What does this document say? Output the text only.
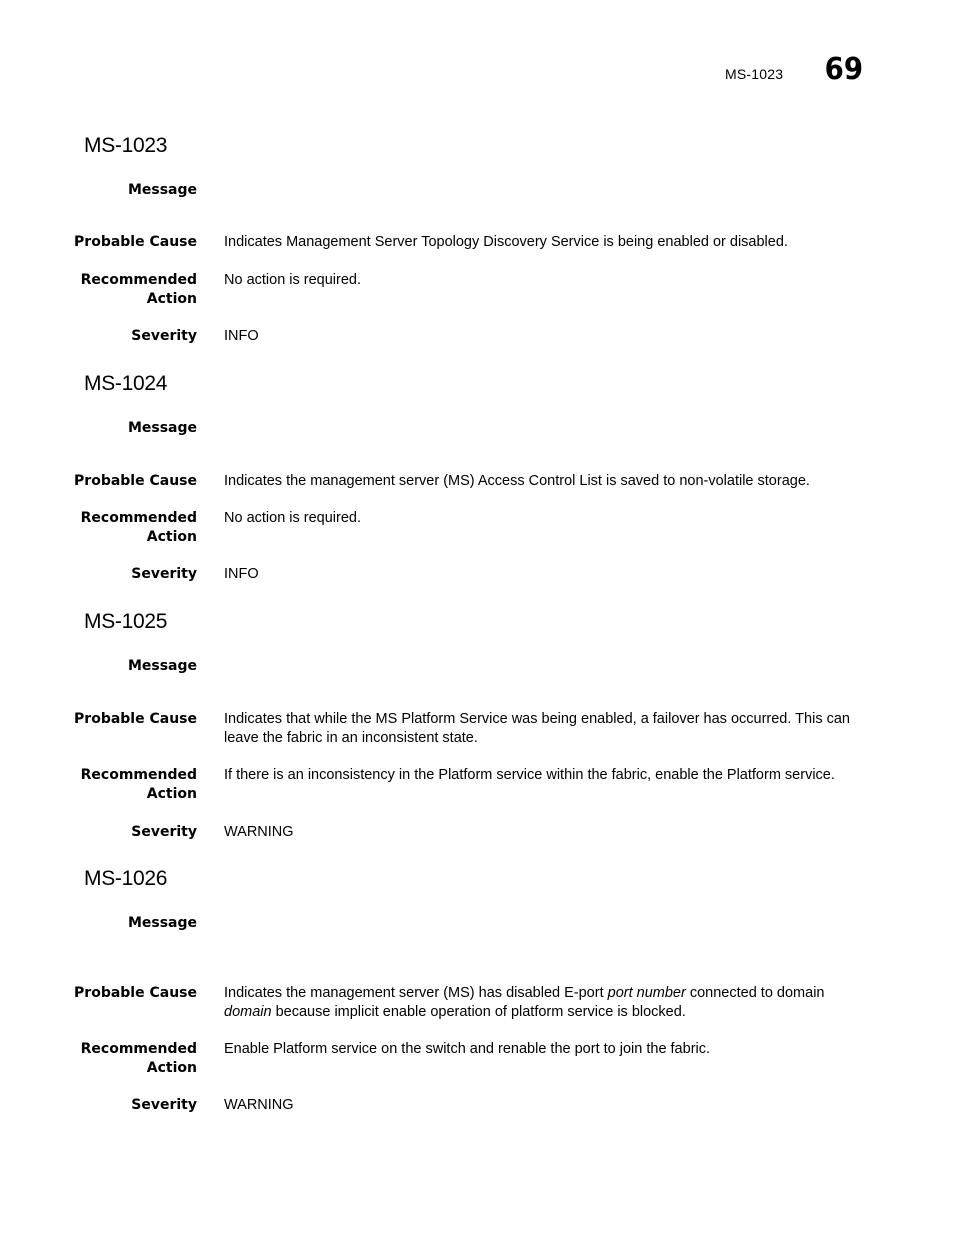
MS-1023 69
MS-1023
Message
Probable Cause Indicates Management Server Topology Discovery Service is being enabled or disabled.
Recommended
Action
No action is required.
Severity INFO
MS-1024
Message
Probable Cause Indicates the management server (MS) Access Control List is saved to non-volatile storage.
Recommended
Action
No action is required.
Severity INFO
MS-1025
Message
Probable Cause Indicates that while the MS Platform Service was being enabled, a failover has occurred. This can leave the fabric in an inconsistent state.
Recommended
Action
If there is an inconsistency in the Platform service within the fabric, enable the Platform service.
Severity WARNING
MS-1026
Message
Probable Cause Indicates the management server (MS) has disabled E-port port number connected to domain
domain because implicit enable operation of platform service is blocked.
Recommended
Action
Enable Platform service on the switch and renable the port to join the fabric.
Severity WARNING
